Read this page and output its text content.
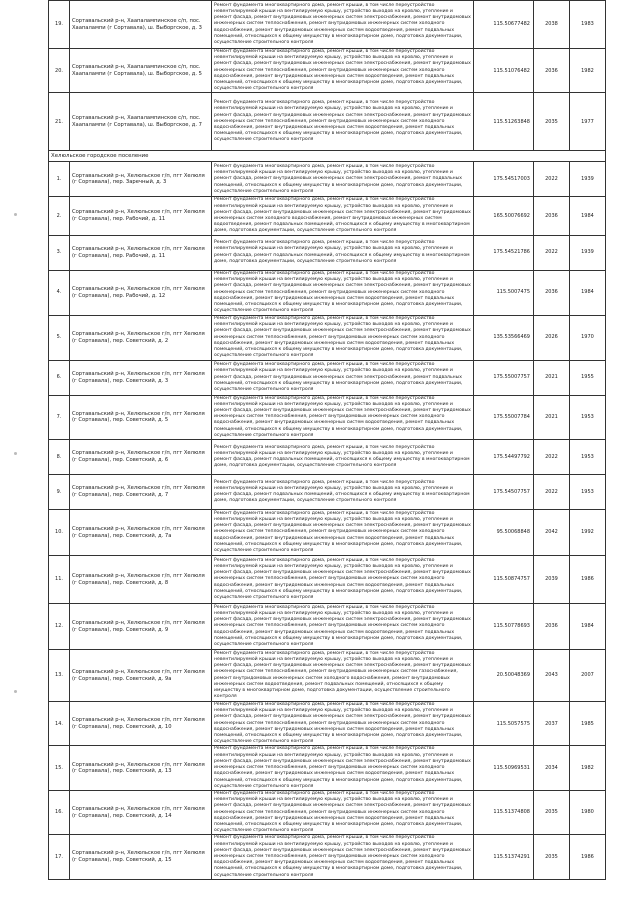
19.	Сортавальский р-н, Хаапалампинское с/п, пос. Хаапалампи (г Сортавала), ш. Выборгское, д. 3	Ремонт фундамента многоквартирного дома, ремонт крыши, в том числе переустройство невентилируемой крыши на вентилируемую крышу, устройство выходов на кровлю, утепление и ремонт фасада, ремонт внутридомовых инженерных систем электроснабжения, ремонт внутридомовых инженерных систем теплоснабжения, ремонт внутридомовых инженерных систем холодного водоснабжения, ремонт внутридомовых инженерных систем водоотведения, ремонт подвальных помещений, относящихся к общему имуществу в многоквартирном доме, подготовка документации, осуществление строительного контроля	115.50677482	2038	1983
20.	Сортавальский р-н, Хаапалампинское с/п, пос. Хаапалампи (г Сортавала), ш. Выборгское, д. 5	Ремонт фундамента многоквартирного дома, ремонт крыши, в том числе переустройство невентилируемой крыши на вентилируемую крышу, устройство выходов на кровлю, утепление и ремонт фасада, ремонт внутридомовых инженерных систем электроснабжения, ремонт внутридомовых инженерных систем теплоснабжения, ремонт внутридомовых инженерных систем холодного водоснабжения, ремонт внутридомовых инженерных систем водоотведения, ремонт подвальных помещений, относящихся к общему имуществу в многоквартирном доме, подготовка документации, осуществление строительного контроля	115.51076482	2036	1982
21.	Сортавальский р-н, Хаапалампинское с/п, пос. Хаапалампи (г Сортавала), ш. Выборгское, д. 7	Ремонт фундамента многоквартирного дома, ремонт крыши, в том числе переустройство невентилируемой крыши на вентилируемую крышу, устройство выходов на кровлю, утепление и ремонт фасада, ремонт внутридомовых инженерных систем электроснабжения, ремонт внутридомовых инженерных систем теплоснабжения, ремонт внутридомовых инженерных систем холодного водоснабжения, ремонт внутридомовых инженерных систем водоотведения, ремонт подвальных помещений, относящихся к общему имуществу в многоквартирном доме, подготовка документации, осуществление строительного контроля	115.51263848	2035	1977
Хелюльское городское поселение					
1.	Сортавальский р-н, Хелюльское г/п, пгт Хелюля (г Сортавала), пер. Заречный, д. 3	Ремонт фундамента многоквартирного дома, ремонт крыши, в том числе переустройство невентилируемой крыши на вентилируемую крышу, устройство выходов на кровлю, утепление и ремонт фасада, ремонт внутридомовых инженерных систем электроснабжения, ремонт подвальных помещений, относящихся к общему имуществу в многоквартирном доме, подготовка документации, осуществление строительного контроля	175.54517003	2022	1939
2.	Сортавальский р-н, Хелюльское г/п, пгт Хелюля (г Сортавала), пер. Рабочий, д. 11	Ремонт фундамента многоквартирного дома, ремонт крыши, в том числе переустройство невентилируемой крыши на вентилируемую крышу, устройство выходов на кровлю, утепление и ремонт фасада, ремонт внутридомовых инженерных систем электроснабжения, ремонт внутридомовых инженерных систем холодного водоснабжения, ремонт внутридомовых инженерных систем водоотведения, ремонт подвальных помещений, относящихся к общему имуществу в многоквартирном доме, подготовка документации, осуществление строительного контроля	165.50076692	2036	1984
3.	Сортавальский р-н, Хелюльское г/п, пгт Хелюля (г Сортавала), пер. Рабочий, д. 11	Ремонт фундамента многоквартирного дома, ремонт крыши, в том числе переустройство невентилируемой крыши на вентилируемую крышу, устройство выходов на кровлю, утепление и ремонт фасада, ремонт подвальных помещений, относящихся к общему имуществу в многоквартирном доме, подготовка документации, осуществление строительного контроля	175.54521786	2022	1939
4.	Сортавальский р-н, Хелюльское г/п, пгт Хелюля (г Сортавала), пер. Рабочий, д. 12	Ремонт фундамента многоквартирного дома, ремонт крыши, в том числе переустройство невентилируемой крыши на вентилируемую крышу, устройство выходов на кровлю, утепление и ремонт фасада, ремонт внутридомовых инженерных систем электроснабжения, ремонт внутридомовых инженерных систем теплоснабжения, ремонт внутридомовых инженерных систем холодного водоснабжения, ремонт внутридомовых инженерных систем водоотведения, ремонт подвальных помещений, относящихся к общему имуществу в многоквартирном доме, подготовка документации, осуществление строительного контроля	115.5007475	2036	1984
5.	Сортавальский р-н, Хелюльское г/п, пгт Хелюля (г Сортавала), пер. Советский, д. 2	Ремонт фундамента многоквартирного дома, ремонт крыши, в том числе переустройство невентилируемой крыши на вентилируемую крышу, устройство выходов на кровлю, утепление и ремонт фасада, ремонт внутридомовых инженерных систем электроснабжения, ремонт внутридомовых инженерных систем теплоснабжения, ремонт внутридомовых инженерных систем холодного водоснабжения, ремонт внутридомовых инженерных систем водоотведения, ремонт подвальных помещений, относящихся к общему имуществу в многоквартирном доме, подготовка документации, осуществление строительного контроля	135.53566469	2026	1970
6.	Сортавальский р-н, Хелюльское г/п, пгт Хелюля (г Сортавала), пер. Советский, д. 3	Ремонт фундамента многоквартирного дома, ремонт крыши, в том числе переустройство невентилируемой крыши на вентилируемую крышу, устройство выходов на кровлю, утепление и ремонт фасада, ремонт внутридомовых инженерных систем электроснабжения, ремонт подвальных помещений, относящихся к общему имуществу в многоквартирном доме, подготовка документации, осуществление строительного контроля	175.55007757	2021	1955
7.	Сортавальский р-н, Хелюльское г/п, пгт Хелюля (г Сортавала), пер. Советский, д. 5	Ремонт фундамента многоквартирного дома, ремонт крыши, в том числе переустройство невентилируемой крыши на вентилируемую крышу, устройство выходов на кровлю, утепление и ремонт фасада, ремонт внутридомовых инженерных систем электроснабжения, ремонт внутридомовых инженерных систем теплоснабжения, ремонт внутридомовых инженерных систем холодного водоснабжения, ремонт внутридомовых инженерных систем водоотведения, ремонт подвальных помещений, относящихся к общему имуществу в многоквартирном доме, подготовка документации, осуществление строительного контроля	175.55007784	2021	1953
8.	Сортавальский р-н, Хелюльское г/п, пгт Хелюля (г Сортавала), пер. Советский, д. 6	Ремонт фундамента многоквартирного дома, ремонт крыши, в том числе переустройство невентилируемой крыши на вентилируемую крышу, устройство выходов на кровлю, утепление и ремонт фасада, ремонт подвальных помещений, относящихся к общему имуществу в многоквартирном доме, подготовка документации, осуществление строительного контроля	175.54497792	2022	1953
9.	Сортавальский р-н, Хелюльское г/п, пгт Хелюля (г Сортавала), пер. Советский, д. 7	Ремонт фундамента многоквартирного дома, ремонт крыши, в том числе переустройство невентилируемой крыши на вентилируемую крышу, устройство выходов на кровлю, утепление и ремонт фасада, ремонт подвальных помещений, относящихся к общему имуществу в многоквартирном доме, подготовка документации, осуществление строительного контроля	175.54507757	2022	1953
10.	Сортавальский р-н, Хелюльское г/п, пгт Хелюля (г Сортавала), пер. Советский, д. 7а	Ремонт фундамента многоквартирного дома, ремонт крыши, в том числе переустройство невентилируемой крыши на вентилируемую крышу, устройство выходов на кровлю, утепление и ремонт фасада, ремонт внутридомовых инженерных систем электроснабжения, ремонт внутридомовых инженерных систем теплоснабжения, ремонт внутридомовых инженерных систем холодного водоснабжения, ремонт внутридомовых инженерных систем водоотведения, ремонт подвальных помещений, относящихся к общему имуществу в многоквартирном доме, подготовка документации, осуществление строительного контроля	95.50068848	2042	1992
11.	Сортавальский р-н, Хелюльское г/п, пгт Хелюля (г Сортавала), пер. Советский, д. 8	Ремонт фундамента многоквартирного дома, ремонт крыши, в том числе переустройство невентилируемой крыши на вентилируемую крышу, устройство выходов на кровлю, утепление и ремонт фасада, ремонт внутридомовых инженерных систем электроснабжения, ремонт внутридомовых инженерных систем теплоснабжения, ремонт внутридомовых инженерных систем холодного водоснабжения, ремонт внутридомовых инженерных систем водоотведения, ремонт подвальных помещений, относящихся к общему имуществу в многоквартирном доме, подготовка документации, осуществление строительного контроля	115.50874757	2039	1986
12.	Сортавальский р-н, Хелюльское г/п, пгт Хелюля (г Сортавала), пер. Советский, д. 9	Ремонт фундамента многоквартирного дома, ремонт крыши, в том числе переустройство невентилируемой крыши на вентилируемую крышу, устройство выходов на кровлю, утепление и ремонт фасада, ремонт внутридомовых инженерных систем электроснабжения, ремонт внутридомовых инженерных систем теплоснабжения, ремонт внутридомовых инженерных систем холодного водоснабжения, ремонт внутридомовых инженерных систем водоотведения, ремонт подвальных помещений, относящихся к общему имуществу в многоквартирном доме, подготовка документации, осуществление строительного контроля	115.50778693	2036	1984
13.	Сортавальский р-н, Хелюльское г/п, пгт Хелюля (г Сортавала), пер. Советский, д. 9а	Ремонт фундамента многоквартирного дома, ремонт крыши, в том числе переустройство невентилируемой крыши на вентилируемую крышу, устройство выходов на кровлю, утепление и ремонт фасада, ремонт внутридомовых инженерных систем электроснабжения, ремонт внутридомовых инженерных систем теплоснабжения, ремонт внутридомовых инженерных систем газоснабжения, ремонт внутридомовых инженерных систем холодного водоснабжения, ремонт внутридомовых инженерных систем водоотведения, ремонт подвальных помещений, относящихся к общему имуществу в многоквартирном доме, подготовка документации, осуществление строительного контроля	20.50048369	2043	2007
14.	Сортавальский р-н, Хелюльское г/п, пгт Хелюля (г Сортавала), пер. Советский, д. 10	Ремонт фундамента многоквартирного дома, ремонт крыши, в том числе переустройство невентилируемой крыши на вентилируемую крышу, устройство выходов на кровлю, утепление и ремонт фасада, ремонт внутридомовых инженерных систем электроснабжения, ремонт внутридомовых инженерных систем теплоснабжения, ремонт внутридомовых инженерных систем холодного водоснабжения, ремонт внутридомовых инженерных систем водоотведения, ремонт подвальных помещений, относящихся к общему имуществу в многоквартирном доме, подготовка документации, осуществление строительного контроля	115.5057575	2037	1985
15.	Сортавальский р-н, Хелюльское г/п, пгт Хелюля (г Сортавала), пер. Советский, д. 13	Ремонт фундамента многоквартирного дома, ремонт крыши, в том числе переустройство невентилируемой крыши на вентилируемую крышу, устройство выходов на кровлю, утепление и ремонт фасада, ремонт внутридомовых инженерных систем электроснабжения, ремонт внутридомовых инженерных систем теплоснабжения, ремонт внутридомовых инженерных систем холодного водоснабжения, ремонт внутридомовых инженерных систем водоотведения, ремонт подвальных помещений, относящихся к общему имуществу в многоквартирном доме, подготовка документации, осуществление строительного контроля	115.50969531	2034	1982
16.	Сортавальский р-н, Хелюльское г/п, пгт Хелюля (г Сортавала), пер. Советский, д. 14	Ремонт фундамента многоквартирного дома, ремонт крыши, в том числе переустройство невентилируемой крыши на вентилируемую крышу, устройство выходов на кровлю, утепление и ремонт фасада, ремонт внутридомовых инженерных систем электроснабжения, ремонт внутридомовых инженерных систем теплоснабжения, ремонт внутридомовых инженерных систем холодного водоснабжения, ремонт внутридомовых инженерных систем водоотведения, ремонт подвальных помещений, относящихся к общему имуществу в многоквартирном доме, подготовка документации, осуществление строительного контроля	115.51374808	2035	1980
17.	Сортавальский р-н, Хелюльское г/п, пгт Хелюля (г Сортавала), пер. Советский, д. 15	Ремонт фундамента многоквартирного дома, ремонт крыши, в том числе переустройство невентилируемой крыши на вентилируемую крышу, устройство выходов на кровлю, утепление и ремонт фасада, ремонт внутридомовых инженерных систем электроснабжения, ремонт внутридомовых инженерных систем теплоснабжения, ремонт внутридомовых инженерных систем холодного водоснабжения, ремонт внутридомовых инженерных систем водоотведения, ремонт подвальных помещений, относящихся к общему имуществу в многоквартирном доме, подготовка документации, осуществление строительного контроля	115.51374291	2035	1986
